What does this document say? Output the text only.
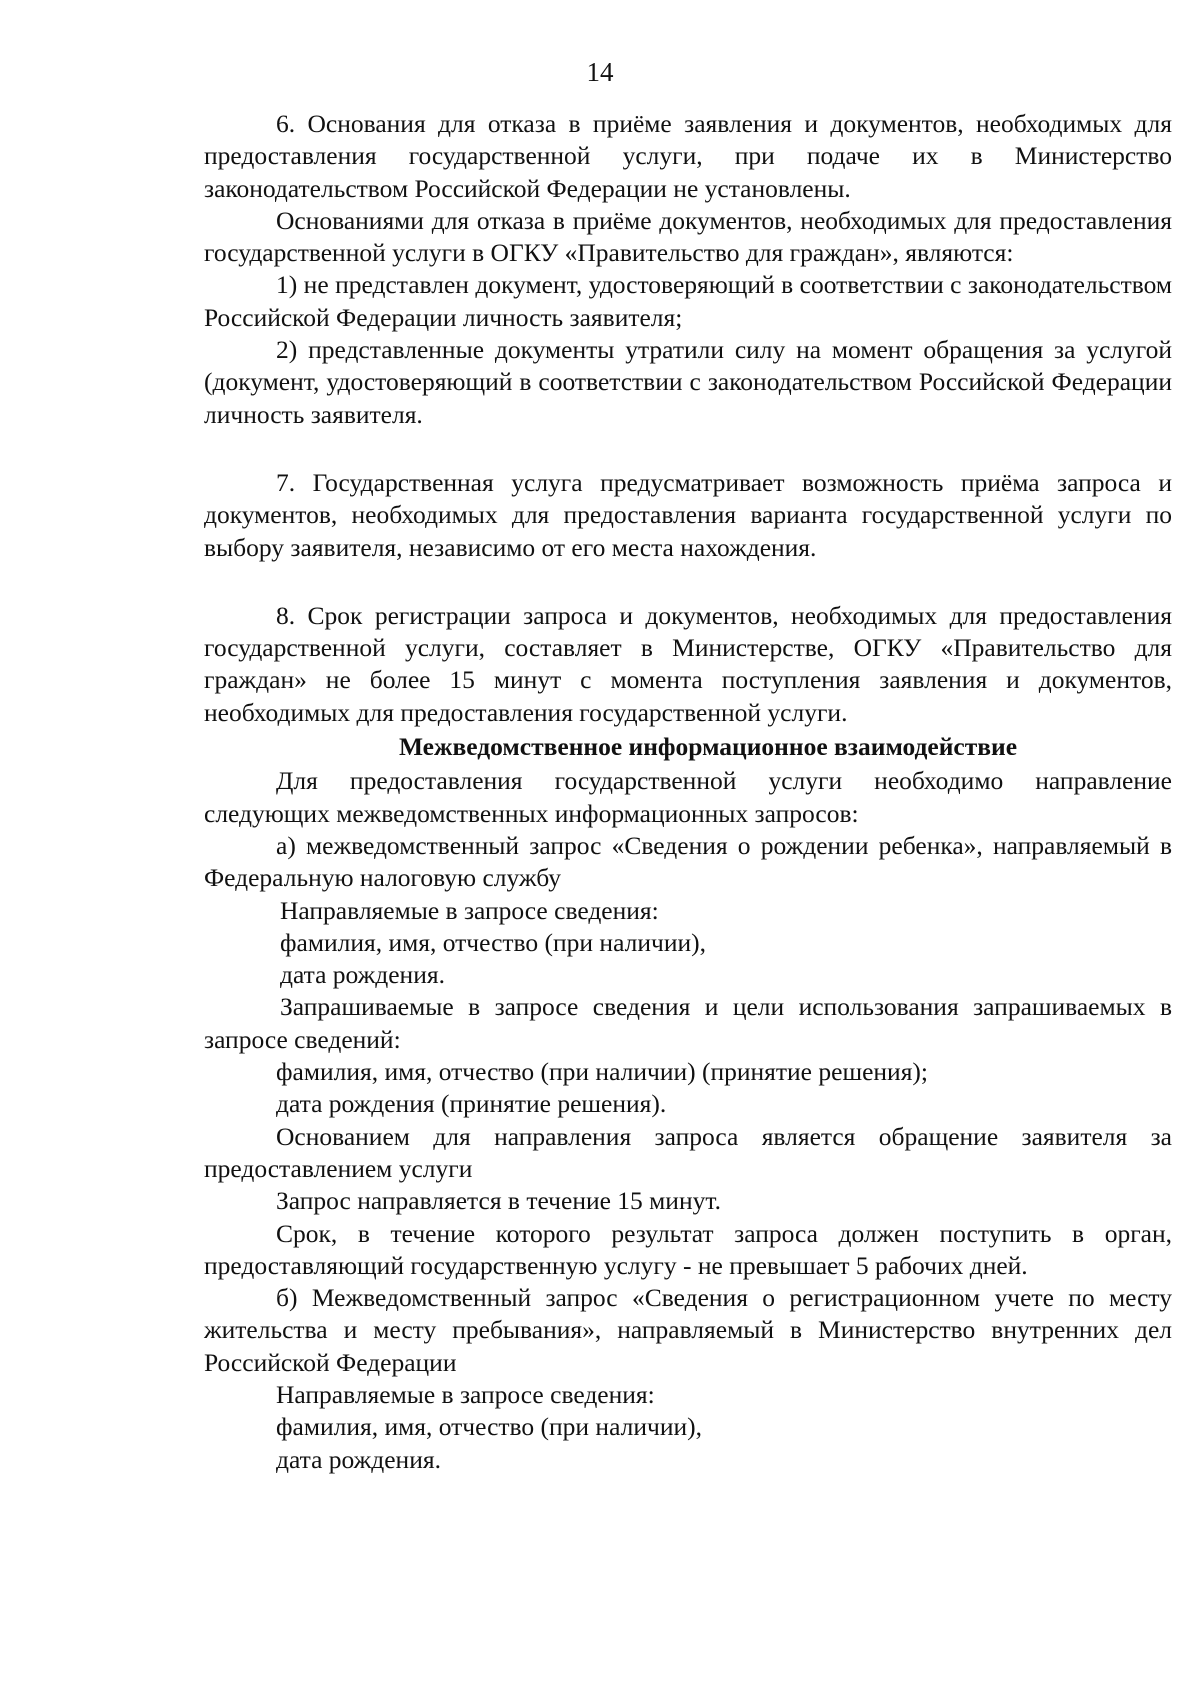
14

6. Основания для отказа в приёме заявления и документов, необходимых для предоставления государственной услуги, при подаче их в Министерство законодательством Российской Федерации не установлены.

Основаниями для отказа в приёме документов, необходимых для предоставления государственной услуги в ОГКУ «Правительство для граждан», являются:

1) не представлен документ, удостоверяющий в соответствии с законодательством Российской Федерации личность заявителя;

2) представленные документы утратили силу на момент обращения за услугой (документ, удостоверяющий в соответствии с законодательством Российской Федерации личность заявителя.

7. Государственная услуга предусматривает возможность приёма запроса и документов, необходимых для предоставления варианта государственной услуги по выбору заявителя, независимо от его места нахождения.

8. Срок регистрации запроса и документов, необходимых для предоставления государственной услуги, составляет в Министерстве, ОГКУ «Правительство для граждан» не более 15 минут с момента поступления заявления и документов, необходимых для предоставления государственной услуги.

Межведомственное информационное взаимодействие

Для предоставления государственной услуги необходимо направление следующих межведомственных информационных запросов:

а) межведомственный запрос «Сведения о рождении ребенка», направляемый в Федеральную налоговую службу

Направляемые в запросе сведения:

фамилия, имя, отчество (при наличии),

дата рождения.

Запрашиваемые в запросе сведения и цели использования запрашиваемых в запросе сведений:

фамилия, имя, отчество (при наличии) (принятие решения);

дата рождения (принятие решения).

Основанием для направления запроса является обращение заявителя за предоставлением услуги

Запрос направляется в течение 15 минут.

Срок, в течение которого результат запроса должен поступить в орган, предоставляющий государственную услугу - не превышает 5 рабочих дней.

б) Межведомственный запрос «Сведения о регистрационном учете по месту жительства и месту пребывания», направляемый в Министерство внутренних дел Российской Федерации

Направляемые в запросе сведения:

фамилия, имя, отчество (при наличии),

дата рождения.
